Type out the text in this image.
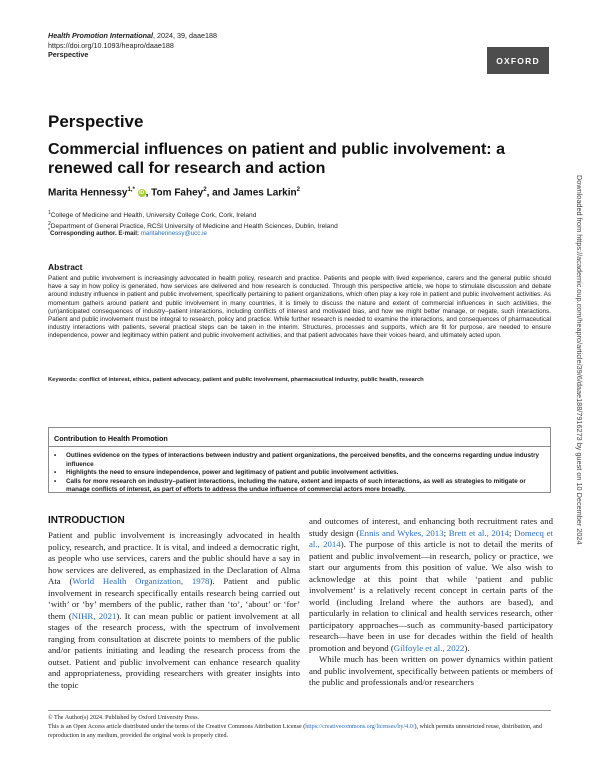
Health Promotion International, 2024, 39, daae188
https://doi.org/10.1093/heapro/daae188
Perspective
OXFORD
Perspective
Commercial influences on patient and public involvement: a renewed call for research and action
Marita Hennessy$^{1,*}$ iD , Tom Fahey$^2$, and James Larkin$^2$
$^1$College of Medicine and Health, University College Cork, Cork, Ireland
$^2$Department of General Practice, RCSI University of Medicine and Health Sciences, Dublin, Ireland
*Corresponding author. E-mail: maritahennessy@ucc.ie
Abstract
Patient and public involvement is increasingly advocated in health policy, research and practice. Patients and people with lived experience, carers and the general public should have a say in how policy is generated, how services are delivered and how research is conducted. Through this perspective article, we hope to stimulate discussion and debate around industry influence in patient and public involvement, specifically pertaining to patient organizations, which often play a key role in patient and public involvement activities. As momentum gathers around patient and public involvement in many countries, it is timely to discuss the nature and extent of commercial influences in such activities, the (un)anticipated consequences of industry–patient interactions, including conflicts of interest and motivated bias, and how we might better manage, or negate, such interactions. Patient and public involvement must be integral to research, policy and practice. While further research is needed to examine the interactions, and consequences of pharmaceutical industry interactions with patients, several practical steps can be taken in the interim. Structures, processes and supports, which are fit for purpose, are needed to ensure independence, power and legitimacy within patient and public involvement activities, and that patient advocates have their voices heard, and ultimately acted upon.
Keywords: conflict of interest, ethics, patient advocacy, patient and public involvement, pharmaceutical industry, public health, research
Contribution to Health Promotion
• Outlines evidence on the types of interactions between industry and patient organizations, the perceived benefits, and the concerns regarding undue industry influence
• Highlights the need to ensure independence, power and legitimacy of patient and public involvement activities.
• Calls for more research on industry–patient interactions, including the nature, extent and impacts of such interactions, as well as strategies to mitigate or manage conflicts of interest, as part of efforts to address the undue influence of commercial actors more broadly.
INTRODUCTION

Patient and public involvement is increasingly advocated in health policy, research, and practice. It is vital, and indeed a democratic right, as people who use services, carers and the public should have a say in how services are delivered, as emphasized in the Declaration of Alma Ata (World Health Organization, 1978). Patient and public involvement in research specifically entails research being carried out ‘with’ or ‘by’ members of the public, rather than ‘to’, ‘about’ or ‘for’ them (NIHR, 2021). It can mean public or patient involvement at all stages of the research process, with the spectrum of involvement ranging from consultation at discrete points to members of the public and/or patients initiating and leading the research process from the outset. Patient and public involvement can enhance research quality and appropriateness, providing researchers with greater insights into the topic

and outcomes of interest, and enhancing both recruitment rates and study design (Ennis and Wykes, 2013; Brett et al., 2014; Domecq et al., 2014). The purpose of this article is not to detail the merits of patient and public involvement—in research, policy or practice, we start our arguments from this position of value. We also wish to acknowledge at this point that while ‘patient and public involvement’ is a relatively recent concept in certain parts of the world (including Ireland where the authors are based), and particularly in relation to clinical and health services research, other participatory approaches—such as community-based participatory research—have been in use for decades within the field of health promotion and beyond (Gilfoyle et al., 2022).

While much has been written on power dynamics within patient and public involvement, specifically between patients or members of the public and professionals and/or researchers

© The Author(s) 2024. Published by Oxford University Press.
This is an Open Access article distributed under the terms of the Creative Commons Attribution License (https://creativecommons.org/licenses/by/4.0/), which permits unrestricted reuse, distribution, and reproduction in any medium, provided the original work is properly cited.
Downloaded from https://academic.oup.com/heapro/article/39/6/daae188/7916273 by guest on 10 December 2024
